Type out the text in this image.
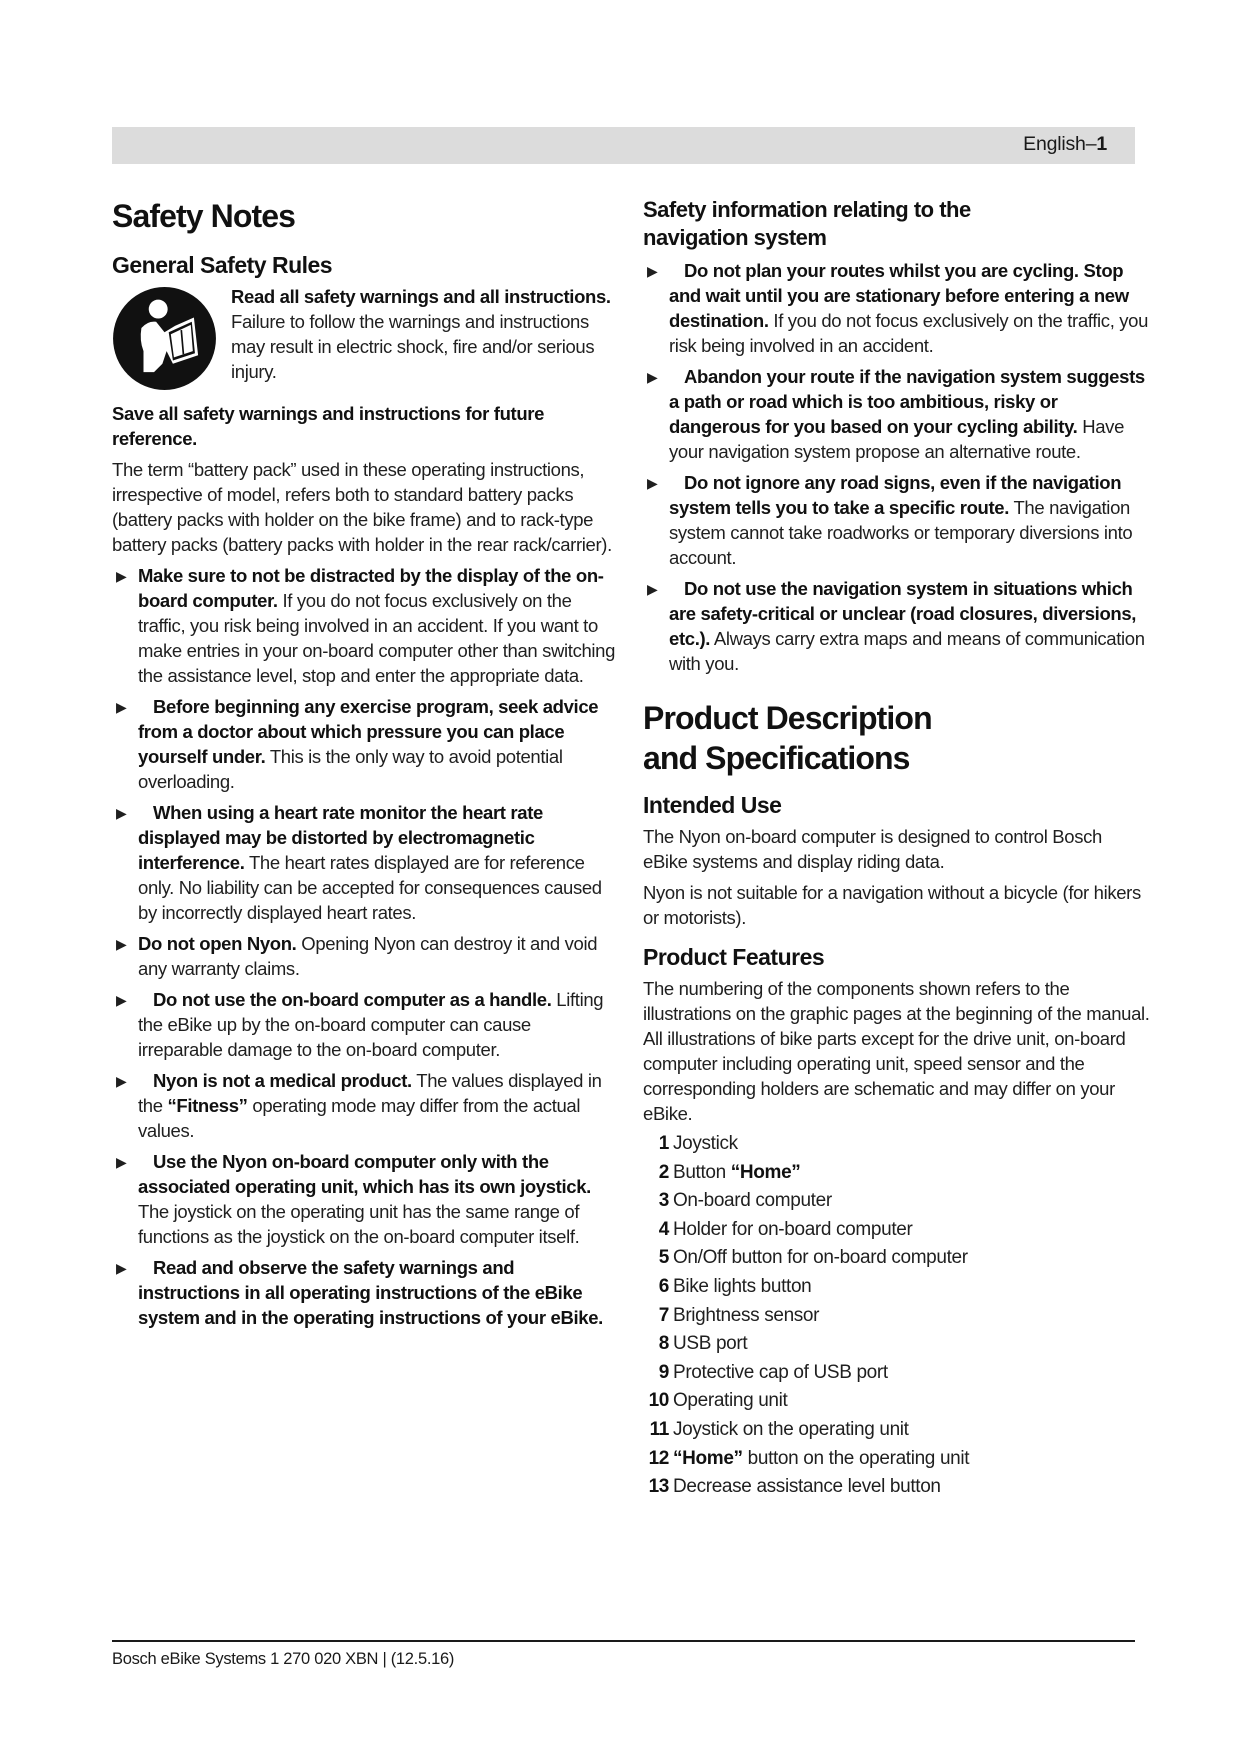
English–1
Safety Notes
General Safety Rules
Read all safety warnings and all instructions. Failure to follow the warnings and instructions may result in electric shock, fire and/or serious injury.

Save all safety warnings and instructions for future reference.

The term “battery pack” used in these operating instructions, irrespective of model, refers both to standard battery packs (battery packs with holder on the bike frame) and to rack-type battery packs (battery packs with holder in the rear rack/carrier).

▶ Make sure to not be distracted by the display of the on-board computer. If you do not focus exclusively on the traffic, you risk being involved in an accident. If you want to make entries in your on-board computer other than switching the assistance level, stop and enter the appropriate data.
▶ Before beginning any exercise program, seek advice from a doctor about which pressure you can place yourself under. This is the only way to avoid potential overloading.
▶ When using a heart rate monitor the heart rate displayed may be distorted by electromagnetic interference. The heart rates displayed are for reference only. No liability can be accepted for consequences caused by incorrectly displayed heart rates.
▶ Do not open Nyon. Opening Nyon can destroy it and void any warranty claims.
▶ Do not use the on-board computer as a handle. Lifting the eBike up by the on-board computer can cause irreparable damage to the on-board computer.
▶ Nyon is not a medical product. The values displayed in the “Fitness” operating mode may differ from the actual values.
▶ Use the Nyon on-board computer only with the associated operating unit, which has its own joystick. The joystick on the operating unit has the same range of functions as the joystick on the on-board computer itself.
▶ Read and observe the safety warnings and instructions in all operating instructions of the eBike system and in the operating instructions of your eBike.
Safety information relating to the navigation system
▶ Do not plan your routes whilst you are cycling. Stop and wait until you are stationary before entering a new destination. If you do not focus exclusively on the traffic, you risk being involved in an accident.
▶ Abandon your route if the navigation system suggests a path or road which is too ambitious, risky or dangerous for you based on your cycling ability. Have your navigation system propose an alternative route.
▶ Do not ignore any road signs, even if the navigation system tells you to take a specific route. The navigation system cannot take roadworks or temporary diversions into account.
▶ Do not use the navigation system in situations which are safety-critical or unclear (road closures, diversions, etc.). Always carry extra maps and means of communication with you.
Product Description and Specifications
Intended Use

The Nyon on-board computer is designed to control Bosch eBike systems and display riding data.

Nyon is not suitable for a navigation without a bicycle (for hikers or motorists).

Product Features

The numbering of the components shown refers to the illustrations on the graphic pages at the beginning of the manual. All illustrations of bike parts except for the drive unit, on-board computer including operating unit, speed sensor and the corresponding holders are schematic and may differ on your eBike.

1 Joystick
2 Button “Home”
3 On-board computer
4 Holder for on-board computer
5 On/Off button for on-board computer
6 Bike lights button
7 Brightness sensor
8 USB port
9 Protective cap of USB port
10 Operating unit
11 Joystick on the operating unit
12 “Home” button on the operating unit
13 Decrease assistance level button
Bosch eBike Systems 1 270 020 XBN | (12.5.16)
